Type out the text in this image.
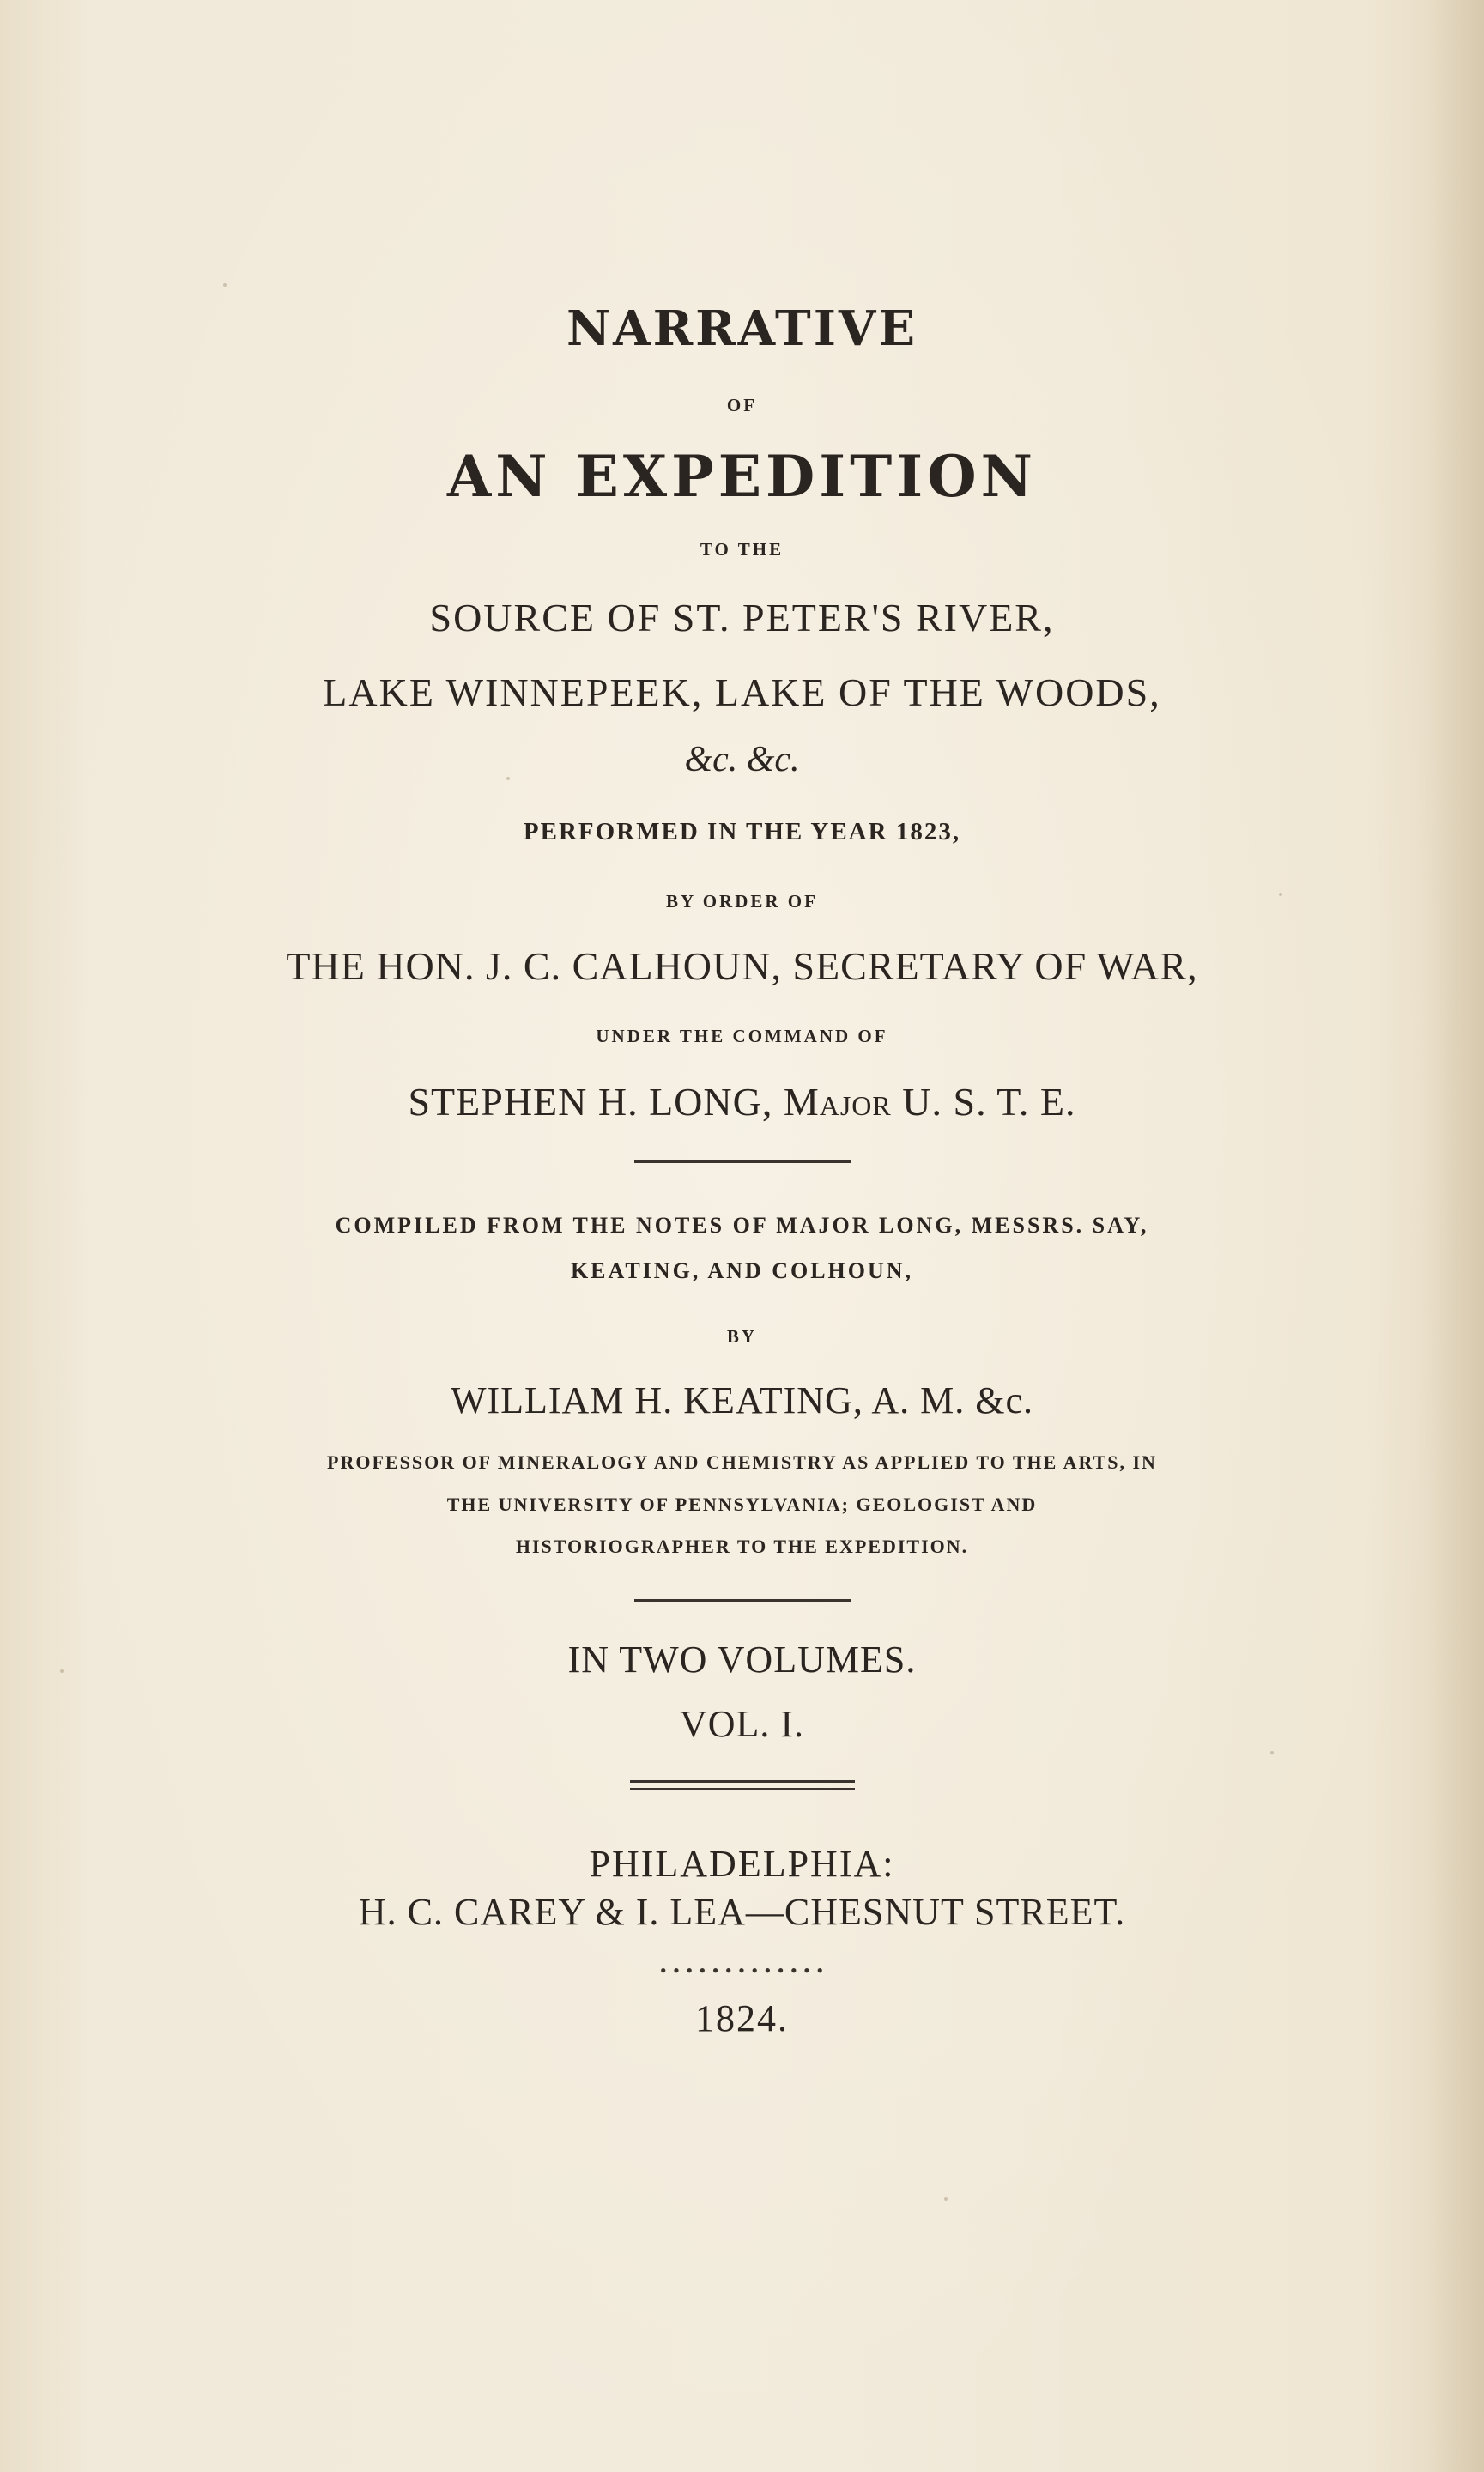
NARRATIVE
OF
AN EXPEDITION
TO THE
SOURCE OF ST. PETER'S RIVER,
LAKE WINNEPEEK, LAKE OF THE WOODS,
&c. &c.
PERFORMED IN THE YEAR 1823,
BY ORDER OF
THE HON. J. C. CALHOUN, SECRETARY OF WAR,
UNDER THE COMMAND OF
STEPHEN H. LONG, Major U. S. T. E.
COMPILED FROM THE NOTES OF MAJOR LONG, MESSRS. SAY,
KEATING, AND COLHOUN,
BY
WILLIAM H. KEATING, A. M. &c.
PROFESSOR OF MINERALOGY AND CHEMISTRY AS APPLIED TO THE ARTS, IN
THE UNIVERSITY OF PENNSYLVANIA; GEOLOGIST AND
HISTORIOGRAPHER TO THE EXPEDITION.
IN TWO VOLUMES.
VOL. I.
PHILADELPHIA:
H. C. CAREY & I. LEA—CHESNUT STREET.
• • • • • • • • • • • • •
1824.
